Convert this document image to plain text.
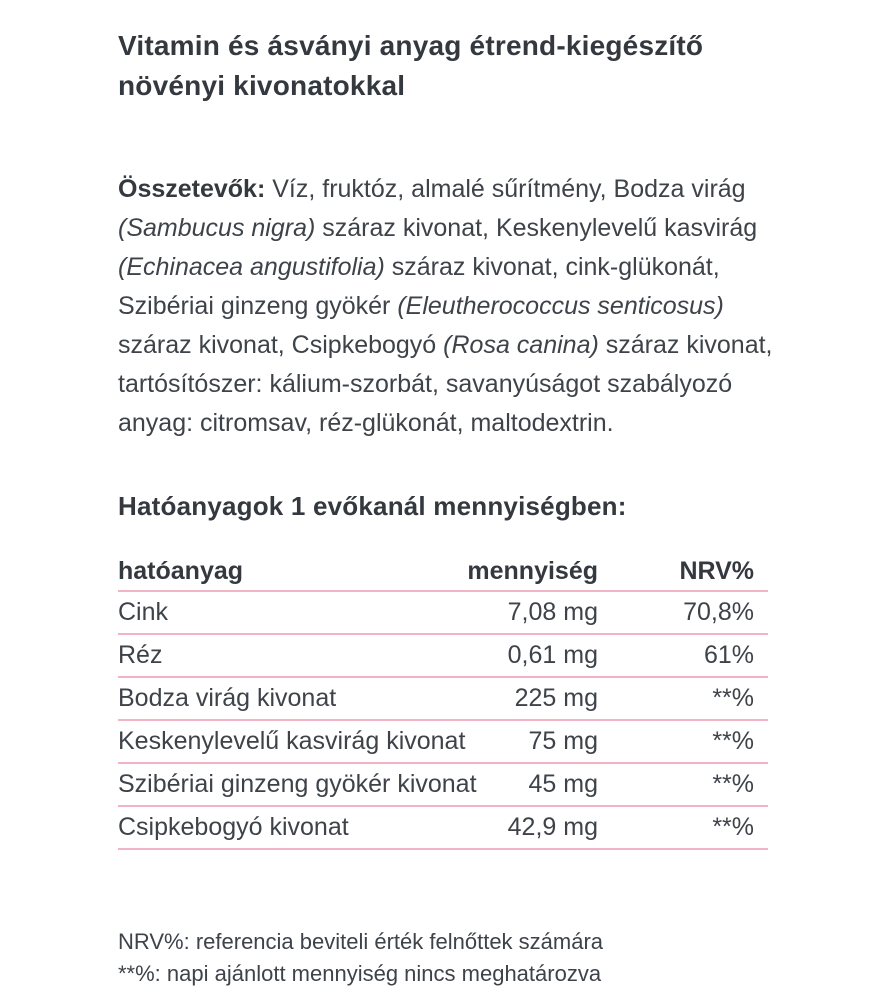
Vitamin és ásványi anyag étrend-kiegészítő
növényi kivonatokkal

Összetevők: Víz, fruktóz, almalé sűrítmény, Bodza virág (Sambucus nigra) száraz kivonat, Keskenylevelű kasvirág (Echinacea angustifolia) száraz kivonat, cink-glükonát, Szibériai ginzeng gyökér (Eleutherococcus senticosus) száraz kivonat, Csipkebogyó (Rosa canina) száraz kivonat, tartósítószer: kálium-szorbát, savanyúságot szabályozó anyag: citromsav, réz-glükonát, maltodextrin.

Hatóanyagok 1 evőkanál mennyiségben:
hatóanyag	mennyiség	NRV%
Cink	7,08 mg	70,8%
Réz	0,61 mg	61%
Bodza virág kivonat	225 mg	**%
Keskenylevelű kasvirág kivonat	75 mg	**%
Szibériai ginzeng gyökér kivonat	45 mg	**%
Csipkebogyó kivonat	42,9 mg	**%

NRV%: referencia beviteli érték felnőttek számára

**%: napi ajánlott mennyiség nincs meghatározva
